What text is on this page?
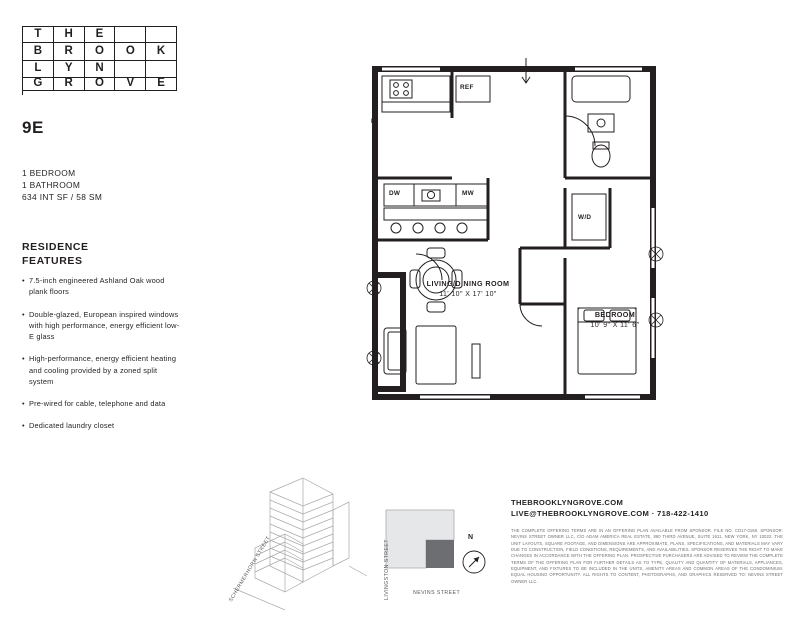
T	H	E
B	R	O	O	K
L	Y	N
G	R	O	V	E
9E
1 BEDROOM
1 BATHROOM
634 INT SF / 58 SM
RESIDENCE
FEATURES
• 7.5-inch engineered Ashland Oak wood plank floors
• Double-glazed, European inspired windows with high performance, energy efficient low-E glass
• High-performance, energy efficient heating and cooling provided by a zoned split system
• Pre-wired for cable, telephone and data
• Dedicated laundry closet
LIVING/DINING ROOM
11' 10" X 17' 10"
BEDROOM
10' 9" X 11' 6"
REF
DW	MW
W/D
P
LIVINGSTON STREET	NEVINS STREET
SCHERMERHORN STREET	N
THEBROOKLYNGROVE.COM
LIVE@THEBROOKLYNGROVE.COM · 718-422-1410
THE COMPLETE OFFERING TERMS ARE IN AN OFFERING PLAN AVAILABLE FROM SPONSOR. FILE NO. CD17-0168. SPONSOR: NEVINS STREET OWNER LLC, C/O ADAM AMERICA REAL ESTATE, 860 THIRD AVENUE, SUITE 1611, NEW YORK, NY 10022. THE UNIT LAYOUTS, SQUARE FOOTAGE, AND DIMENSIONS ARE APPROXIMATE. PLANS, SPECIFICATIONS, AND MATERIALS MAY VARY DUE TO CONSTRUCTION, FIELD CONDITIONS, REQUIREMENTS, AND AVAILABILITIES. SPONSOR RESERVES THE RIGHT TO MAKE CHANGES IN ACCORDANCE WITH THE OFFERING PLAN. PROSPECTIVE PURCHASERS ARE ADVISED TO REVIEW THE COMPLETE TERMS OF THE OFFERING PLAN FOR FURTHER DETAILS AS TO TYPE, QUALITY AND QUANTITY OF MATERIALS, APPLIANCES, EQUIPMENT, AND FIXTURES TO BE INCLUDED IN THE UNITS, AMENITY AREAS AND COMMON AREAS OF THE CONDOMINIUM. EQUAL HOUSING OPPORTUNITY. ALL RIGHTS TO CONTENT, PHOTOGRAPHS, AND GRAPHICS RESERVED TO: NEVINS STREET OWNER LLC.
